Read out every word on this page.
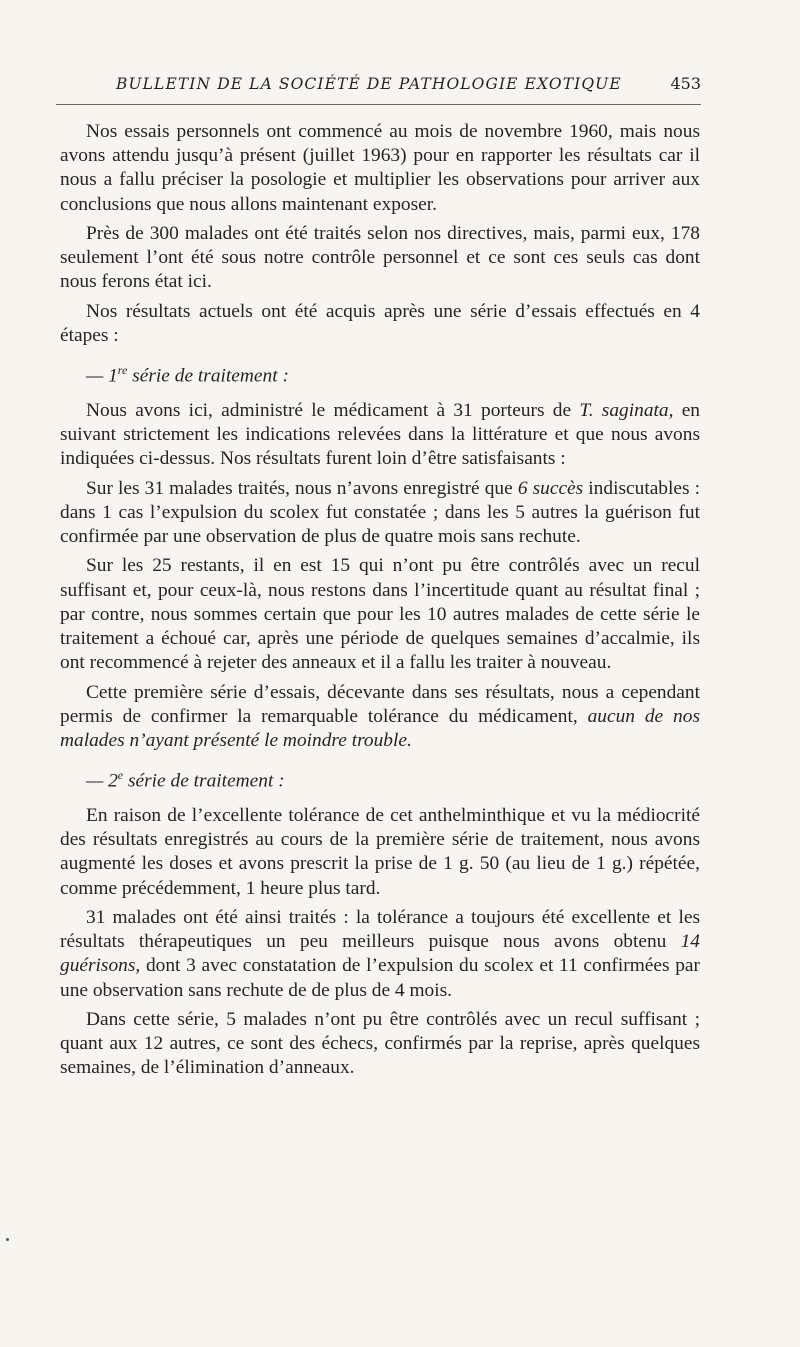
BULLETIN DE LA SOCIÉTÉ DE PATHOLOGIE EXOTIQUE	453

Nos essais personnels ont commencé au mois de novembre 1960, mais nous avons attendu jusqu’à présent (juillet 1963) pour en rapporter les résultats car il nous a fallu préciser la posologie et multiplier les observations pour arriver aux conclusions que nous allons maintenant exposer.

Près de 300 malades ont été traités selon nos directives, mais, parmi eux, 178 seulement l’ont été sous notre contrôle personnel et ce sont ces seuls cas dont nous ferons état ici.

Nos résultats actuels ont été acquis après une série d’essais effectués en 4 étapes :

— 1re série de traitement :

Nous avons ici, administré le médicament à 31 porteurs de T. saginata, en suivant strictement les indications relevées dans la littérature et que nous avons indiquées ci-dessus. Nos résultats furent loin d’être satisfaisants :

Sur les 31 malades traités, nous n’avons enregistré que 6 succès indiscutables : dans 1 cas l’expulsion du scolex fut constatée ; dans les 5 autres la guérison fut confirmée par une observation de plus de quatre mois sans rechute.

Sur les 25 restants, il en est 15 qui n’ont pu être contrôlés avec un recul suffisant et, pour ceux-là, nous restons dans l’incertitude quant au résultat final ; par contre, nous sommes certain que pour les 10 autres malades de cette série le traitement a échoué car, après une période de quelques semaines d’accalmie, ils ont recommencé à rejeter des anneaux et il a fallu les traiter à nouveau.

Cette première série d’essais, décevante dans ses résultats, nous a cependant permis de confirmer la remarquable tolérance du médicament, aucun de nos malades n’ayant présenté le moindre trouble.

— 2e série de traitement :

En raison de l’excellente tolérance de cet anthelminthique et vu la médiocrité des résultats enregistrés au cours de la première série de traitement, nous avons augmenté les doses et avons prescrit la prise de 1 g. 50 (au lieu de 1 g.) répétée, comme précédemment, 1 heure plus tard.

31 malades ont été ainsi traités : la tolérance a toujours été excellente et les résultats thérapeutiques un peu meilleurs puisque nous avons obtenu 14 guérisons, dont 3 avec constatation de l’expulsion du scolex et 11 confirmées par une observation sans rechute de de plus de 4 mois.

Dans cette série, 5 malades n’ont pu être contrôlés avec un recul suffisant ; quant aux 12 autres, ce sont des échecs, confirmés par la reprise, après quelques semaines, de l’élimination d’anneaux.
